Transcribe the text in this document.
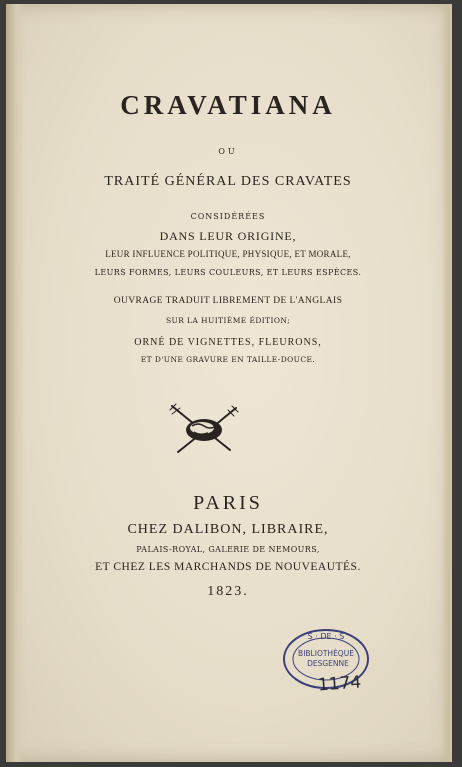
CRAVATIANA
OU
TRAITÉ GÉNÉRAL DES CRAVATES
CONSIDÉRÉES
DANS LEUR ORIGINE,
LEUR INFLUENCE POLITIQUE, PHYSIQUE, ET MORALE,
LEURS FORMES, LEURS COULEURS, ET LEURS ESPÈCES.
OUVRAGE TRADUIT LIBREMENT DE L'ANGLAIS
SUR LA HUITIÈME ÉDITION;
ORNÉ DE VIGNETTES, FLEURONS,
ET D'UNE GRAVURE EN TAILLE-DOUCE.
PARIS
CHEZ DALIBON, LIBRAIRE,
PALAIS-ROYAL, GALERIE DE NEMOURS,
ET CHEZ LES MARCHANDS DE NOUVEAUTÉS.
1823.
S · DE · S
BIBLIOTHÈQUE
DESGENNE
1174
